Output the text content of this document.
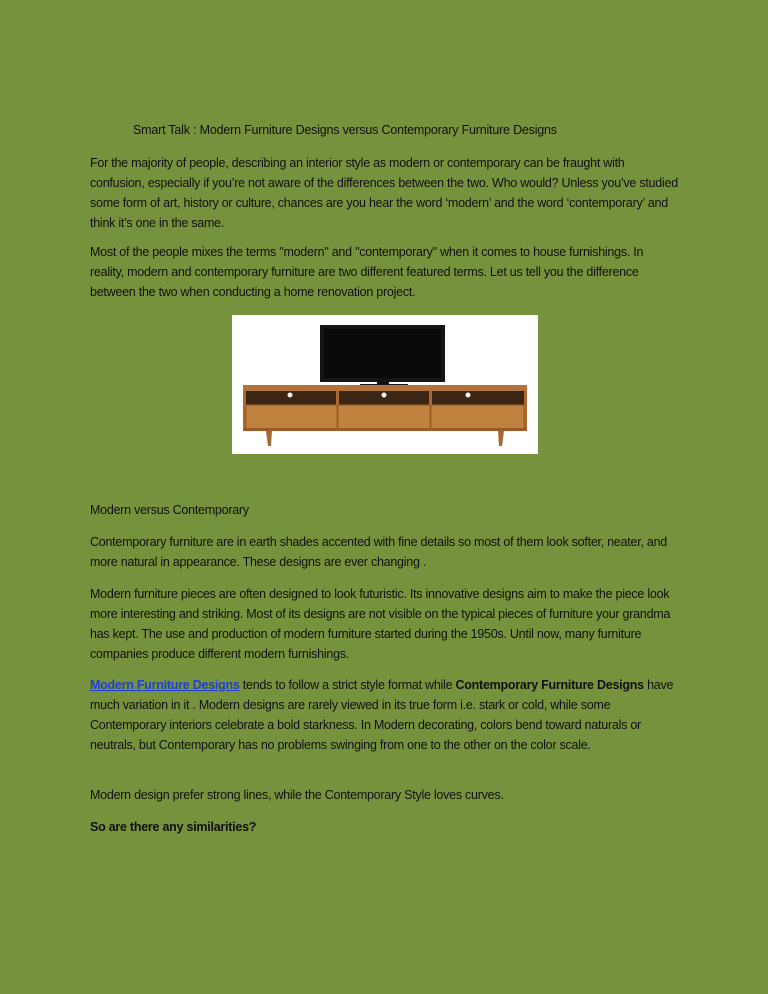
Smart Talk : Modern Furniture Designs versus Contemporary Furniture Designs

For the majority of people, describing an interior style as modern or contemporary can be fraught with confusion, especially if you’re not aware of the differences between the two. Who would? Unless you’ve studied some form of art, history or culture, chances are you hear the word ‘modern’ and the word ‘contemporary’ and think it’s one in the same.

Most of the people mixes the terms "modern" and "contemporary" when it comes to house furnishings. In reality, modern and contemporary furniture are two different featured terms. Let us tell you the difference between the two when conducting a home renovation project.

Modern versus Contemporary

Contemporary furniture are in earth shades accented with fine details so most of them look softer, neater, and more natural in appearance. These designs are ever changing .

Modern furniture pieces are often designed to look futuristic. Its innovative designs aim to make the piece look more interesting and striking. Most of its designs are not visible on the typical pieces of furniture your grandma has kept. The use and production of modern furniture started during the 1950s. Until now, many furniture companies produce different modern furnishings.

Modern Furniture Designs tends to follow a strict style format while Contemporary Furniture Designs have much variation in it . Modern designs are rarely viewed in its true form i.e. stark or cold, while some Contemporary interiors celebrate a bold starkness. In Modern decorating, colors bend toward naturals or neutrals, but Contemporary has no problems swinging from one to the other on the color scale.

Modern design prefer strong lines, while the Contemporary Style loves curves.

So are there any similarities?
